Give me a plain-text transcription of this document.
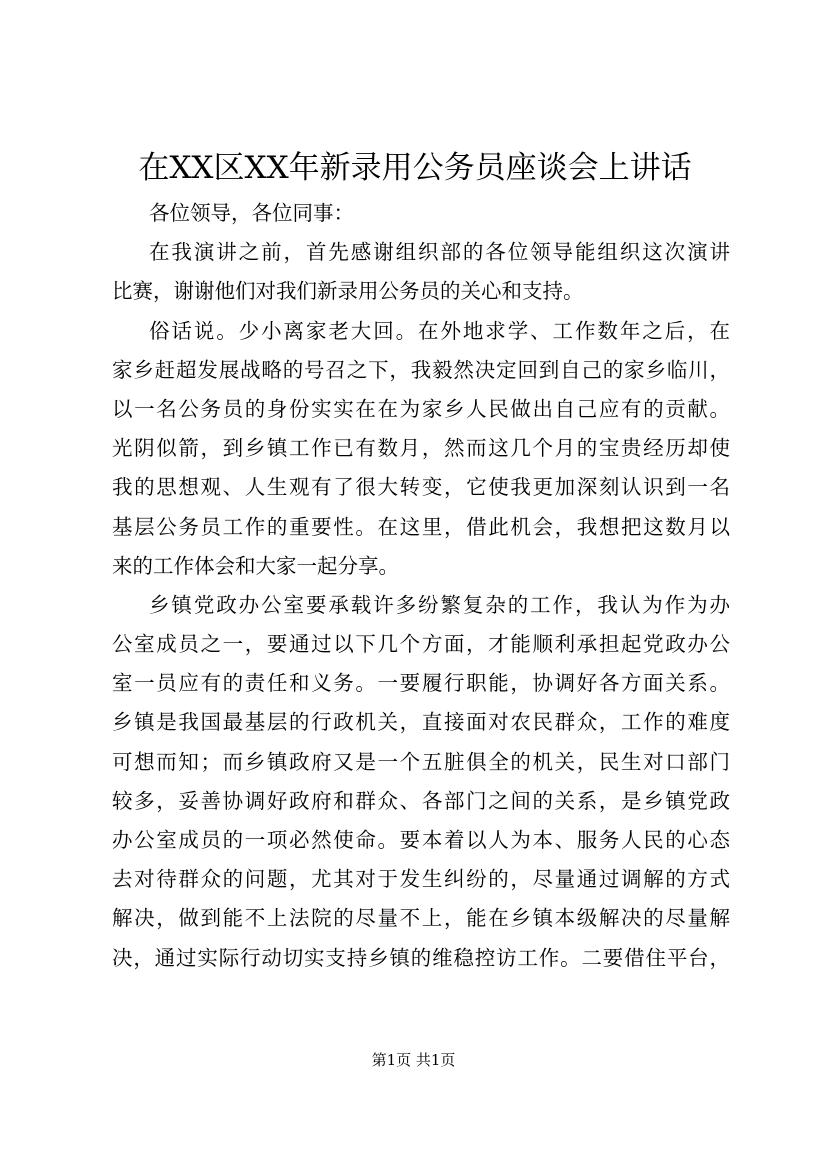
在XX区XX年新录用公务员座谈会上讲话
各位领导，各位同事：
在我演讲之前，首先感谢组织部的各位领导能组织这次演讲
比赛，谢谢他们对我们新录用公务员的关心和支持。
俗话说。少小离家老大回。在外地求学、工作数年之后，在
家乡赶超发展战略的号召之下，我毅然决定回到自己的家乡临川，
以一名公务员的身份实实在在为家乡人民做出自己应有的贡献。
光阴似箭，到乡镇工作已有数月，然而这几个月的宝贵经历却使
我的思想观、人生观有了很大转变，它使我更加深刻认识到一名
基层公务员工作的重要性。在这里，借此机会，我想把这数月以
来的工作体会和大家一起分享。
乡镇党政办公室要承载许多纷繁复杂的工作，我认为作为办
公室成员之一，要通过以下几个方面，才能顺利承担起党政办公
室一员应有的责任和义务。一要履行职能，协调好各方面关系。
乡镇是我国最基层的行政机关，直接面对农民群众，工作的难度
可想而知；而乡镇政府又是一个五脏俱全的机关，民生对口部门
较多，妥善协调好政府和群众、各部门之间的关系，是乡镇党政
办公室成员的一项必然使命。要本着以人为本、服务人民的心态
去对待群众的问题，尤其对于发生纠纷的，尽量通过调解的方式
解决，做到能不上法院的尽量不上，能在乡镇本级解决的尽量解
决，通过实际行动切实支持乡镇的维稳控访工作。二要借住平台，
第1页 共1页
